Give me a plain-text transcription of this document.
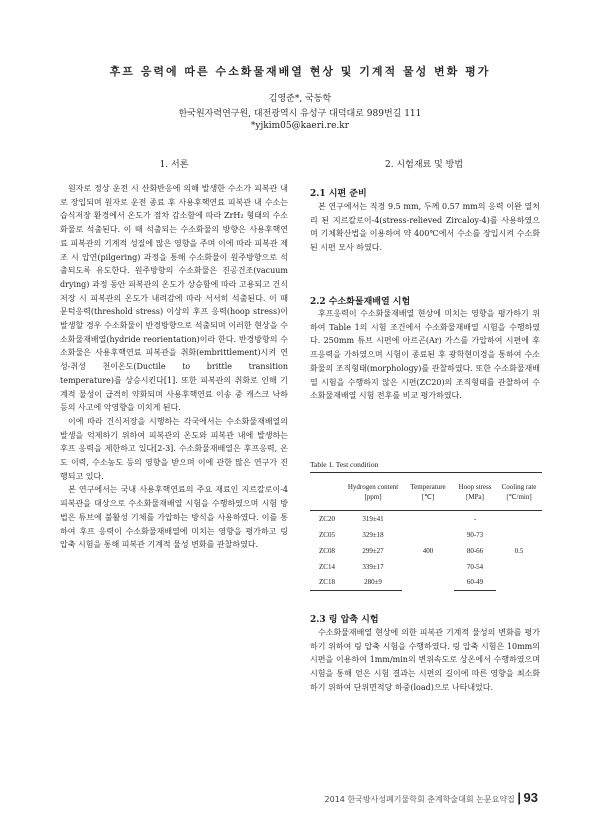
후프 응력에 따른 수소화물재배열 현상 및 기계적 물성 변화 평가
김영준*, 국동학
한국원자력연구원, 대전광역시 유성구 대덕대로 989번길 111
*yjkim05@kaeri.re.kr
1. 서론	2. 시험재료 및 방법

원자로 정상 운전 시 산화반응에 의해 발생한 수소가 피복관 내로 장입되며 원자로 운전 종료 후 사용후핵연료 피복관 내 수소는 습식저장 환경에서 온도가 점차 감소함에 따라 ZrH₂ 형태의 수소화물로 석출된다. 이 때 석출되는 수소화물의 방향은 사용후핵연료 피복관의 기계적 성질에 많은 영향을 주며 이에 따라 피복관 제조 시 압연(pilgering) 과정을 통해 수소화물이 원주방향으로 석출되도록 유도한다. 원주방향의 수소화물은 진공건조(vacuum drying) 과정 동안 피복관의 온도가 상승함에 따라 고용되고 건식저장 시 피복관의 온도가 내려감에 따라 서서히 석출된다. 이 때 문턱응력(threshold stress) 이상의 후프 응력(hoop stress)이 발생할 경우 수소화물이 반경방향으로 석출되며 이러한 현상을 수소화물재배열(hydride reorientation)이라 한다. 반경방향의 수소화물은 사용후핵연료 피복관을 취화(embrittlement)시켜 연성-취성 천이온도(Ductile to brittle transition temperature)를 상승시킨다[1]. 또한 피복관의 취화로 인해 기계적 물성이 급격히 약화되며 사용후핵연료 이송 중 캐스크 낙하 등의 사고에 악영향을 미치게 된다.

이에 따라 건식저장을 시행하는 각국에서는 수소화물재배열의 발생을 억제하기 위하여 피복관의 온도와 피복관 내에 발생하는 후프 응력을 제한하고 있다[2-3]. 수소화물재배열은 후프응력, 온도 이력, 수소농도 등의 영향을 받으며 이에 관한 많은 연구가 진행되고 있다.

본 연구에서는 국내 사용후핵연료의 주요 재료인 지르칼로이-4 피복관을 대상으로 수소화물재배열 시험을 수행하였으며 시험 방법은 튜브에 불활성 기체를 가압하는 방식을 사용하였다. 이를 통하여 후프 응력이 수소화물재배열에 미치는 영향을 평가하고 링 압축 시험을 통해 피복관 기계적 물성 변화를 관찰하였다.

2.1 시편 준비

본 연구에서는 직경 9.5 mm, 두께 0.57 mm의 응력 이완 열처리 된 지르칼로이-4(stress-relieved Zircaloy-4)를 사용하였으며 기체확산법을 이용하여 약 400℃에서 수소를 장입시켜 수소화된 시편 모사 하였다.

2.2 수소화물재배열 시험

후프응력이 수소화물재배열 현상에 미치는 영향을 평가하기 위하여 Table 1의 시험 조건에서 수소화물재배열 시험을 수행하였다. 250mm 튜브 시편에 아르곤(Ar) 가스를 가압하여 시편에 후프응력을 가하였으며 시험이 종료된 후 광학현미경을 통하여 수소화물의 조직형태(morphology)를 관찰하였다. 또한 수소화물재배열 시험을 수행하지 않은 시편(ZC20)의 조직형태를 관찰하여 수소화물재배열 시험 전후를 비교 평가하였다.

Table 1. Test condition
	Hydrogen content [ppm]	Temperature [℃]	Hoop stress [MPa]	Cooling rate [℃/min]
ZC20	319±41	400	-	0.5
ZC05	329±18		90-73	
ZC08	299±27		80-66	
ZC14	339±17		70-54	
ZC18	280±9		60-49	
2.3 링 압축 시험

수소화물재배열 현상에 의한 피복관 기계적 물성의 변화를 평가하기 위하여 링 압축 시험을 수행하였다. 링 압축 시험은 10mm의 시편을 이용하여 1mm/min의 변위속도로 상온에서 수행하였으며 시험을 통해 얻은 시험 결과는 시편의 길이에 따른 영향을 최소화하기 위하여 단위면적당 하중(load)으로 나타내었다.

2014 한국방사성폐기물학회 춘계학술대회 논문요약집 | 93
